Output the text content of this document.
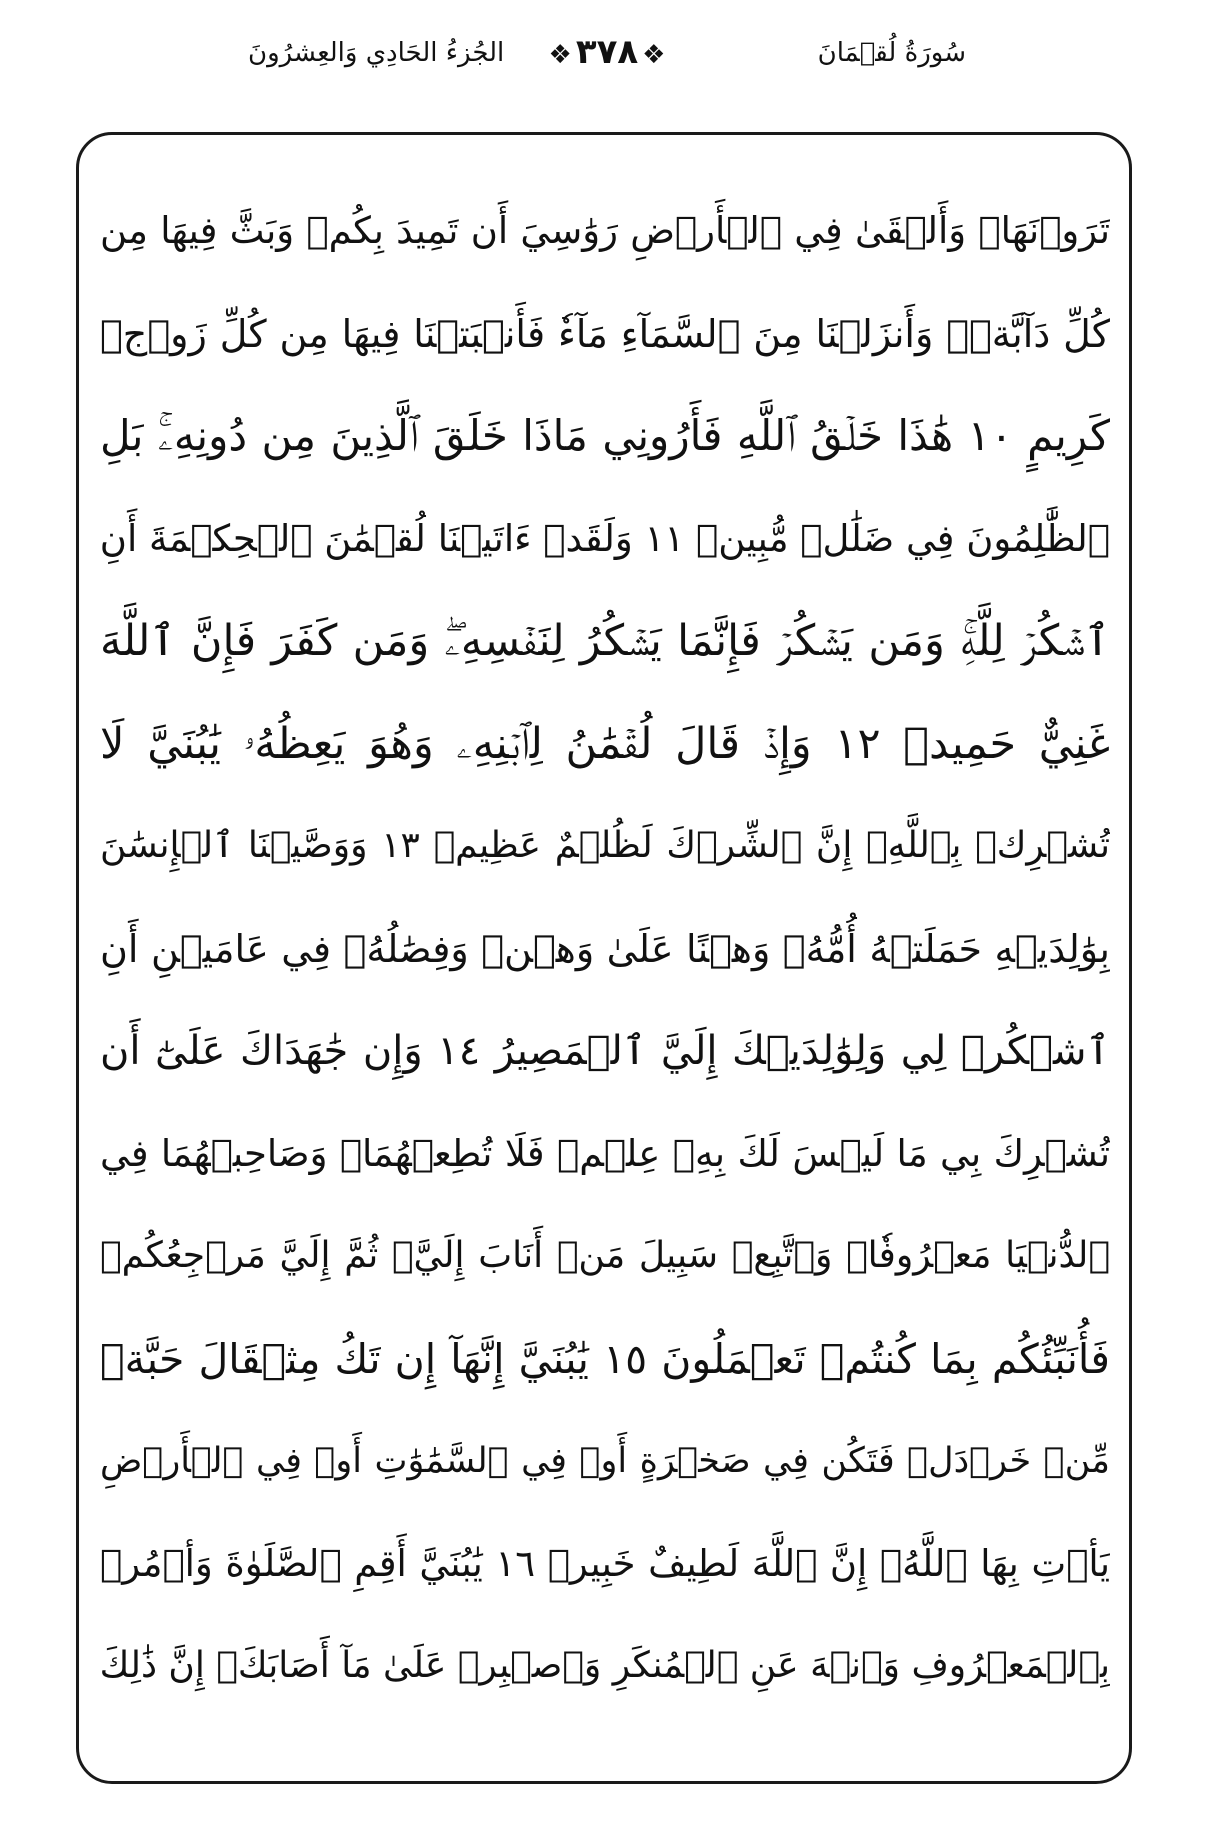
الجُزءُ الحَادِي وَالعِشرُونَ	❖٣٧٨❖	سُورَةُ لُقۡمَانَ
تَرَوۡنَهَاۖ وَأَلۡقَىٰ فِي ٱلۡأَرۡضِ رَوَٰسِيَ أَن تَمِيدَ بِكُمۡ وَبَثَّ فِيهَا مِن
كُلِّ دَآبَّةٖۚ وَأَنزَلۡنَا مِنَ ٱلسَّمَآءِ مَآءٗ فَأَنۢبَتۡنَا فِيهَا مِن كُلِّ زَوۡجٖ
كَرِيمٍ ١٠ هَٰذَا خَلۡقُ ٱللَّهِ فَأَرُونِي مَاذَا خَلَقَ ٱلَّذِينَ مِن دُونِهِۦۚ بَلِ
ٱلظَّٰلِمُونَ فِي ضَلَٰلٖ مُّبِينٖ ١١ وَلَقَدۡ ءَاتَيۡنَا لُقۡمَٰنَ ٱلۡحِكۡمَةَ أَنِ
ٱشۡكُرۡ لِلَّهِۚ وَمَن يَشۡكُرۡ فَإِنَّمَا يَشۡكُرُ لِنَفۡسِهِۦۖ وَمَن كَفَرَ فَإِنَّ ٱللَّهَ
غَنِيٌّ حَمِيدٞ ١٢ وَإِذۡ قَالَ لُقۡمَٰنُ لِٱبۡنِهِۦ وَهُوَ يَعِظُهُۥ يَٰبُنَيَّ لَا
تُشۡرِكۡ بِٱللَّهِۖ إِنَّ ٱلشِّرۡكَ لَظُلۡمٌ عَظِيمٞ ١٣ وَوَصَّيۡنَا ٱلۡإِنسَٰنَ
بِوَٰلِدَيۡهِ حَمَلَتۡهُ أُمُّهُۥ وَهۡنًا عَلَىٰ وَهۡنٖ وَفِصَٰلُهُۥ فِي عَامَيۡنِ أَنِ
ٱشۡكُرۡ لِي وَلِوَٰلِدَيۡكَ إِلَيَّ ٱلۡمَصِيرُ ١٤ وَإِن جَٰهَدَاكَ عَلَىٰٓ أَن
تُشۡرِكَ بِي مَا لَيۡسَ لَكَ بِهِۦ عِلۡمٞ فَلَا تُطِعۡهُمَاۖ وَصَاحِبۡهُمَا فِي
ٱلدُّنۡيَا مَعۡرُوفٗاۖ وَٱتَّبِعۡ سَبِيلَ مَنۡ أَنَابَ إِلَيَّۚ ثُمَّ إِلَيَّ مَرۡجِعُكُمۡ
فَأُنَبِّئُكُم بِمَا كُنتُمۡ تَعۡمَلُونَ ١٥ يَٰبُنَيَّ إِنَّهَآ إِن تَكُ مِثۡقَالَ حَبَّةٖ
مِّنۡ خَرۡدَلٖ فَتَكُن فِي صَخۡرَةٍ أَوۡ فِي ٱلسَّمَٰوَٰتِ أَوۡ فِي ٱلۡأَرۡضِ
يَأۡتِ بِهَا ٱللَّهُۚ إِنَّ ٱللَّهَ لَطِيفٌ خَبِيرٞ ١٦ يَٰبُنَيَّ أَقِمِ ٱلصَّلَوٰةَ وَأۡمُرۡ
بِٱلۡمَعۡرُوفِ وَٱنۡهَ عَنِ ٱلۡمُنكَرِ وَٱصۡبِرۡ عَلَىٰ مَآ أَصَابَكَۖ إِنَّ ذَٰلِكَ
